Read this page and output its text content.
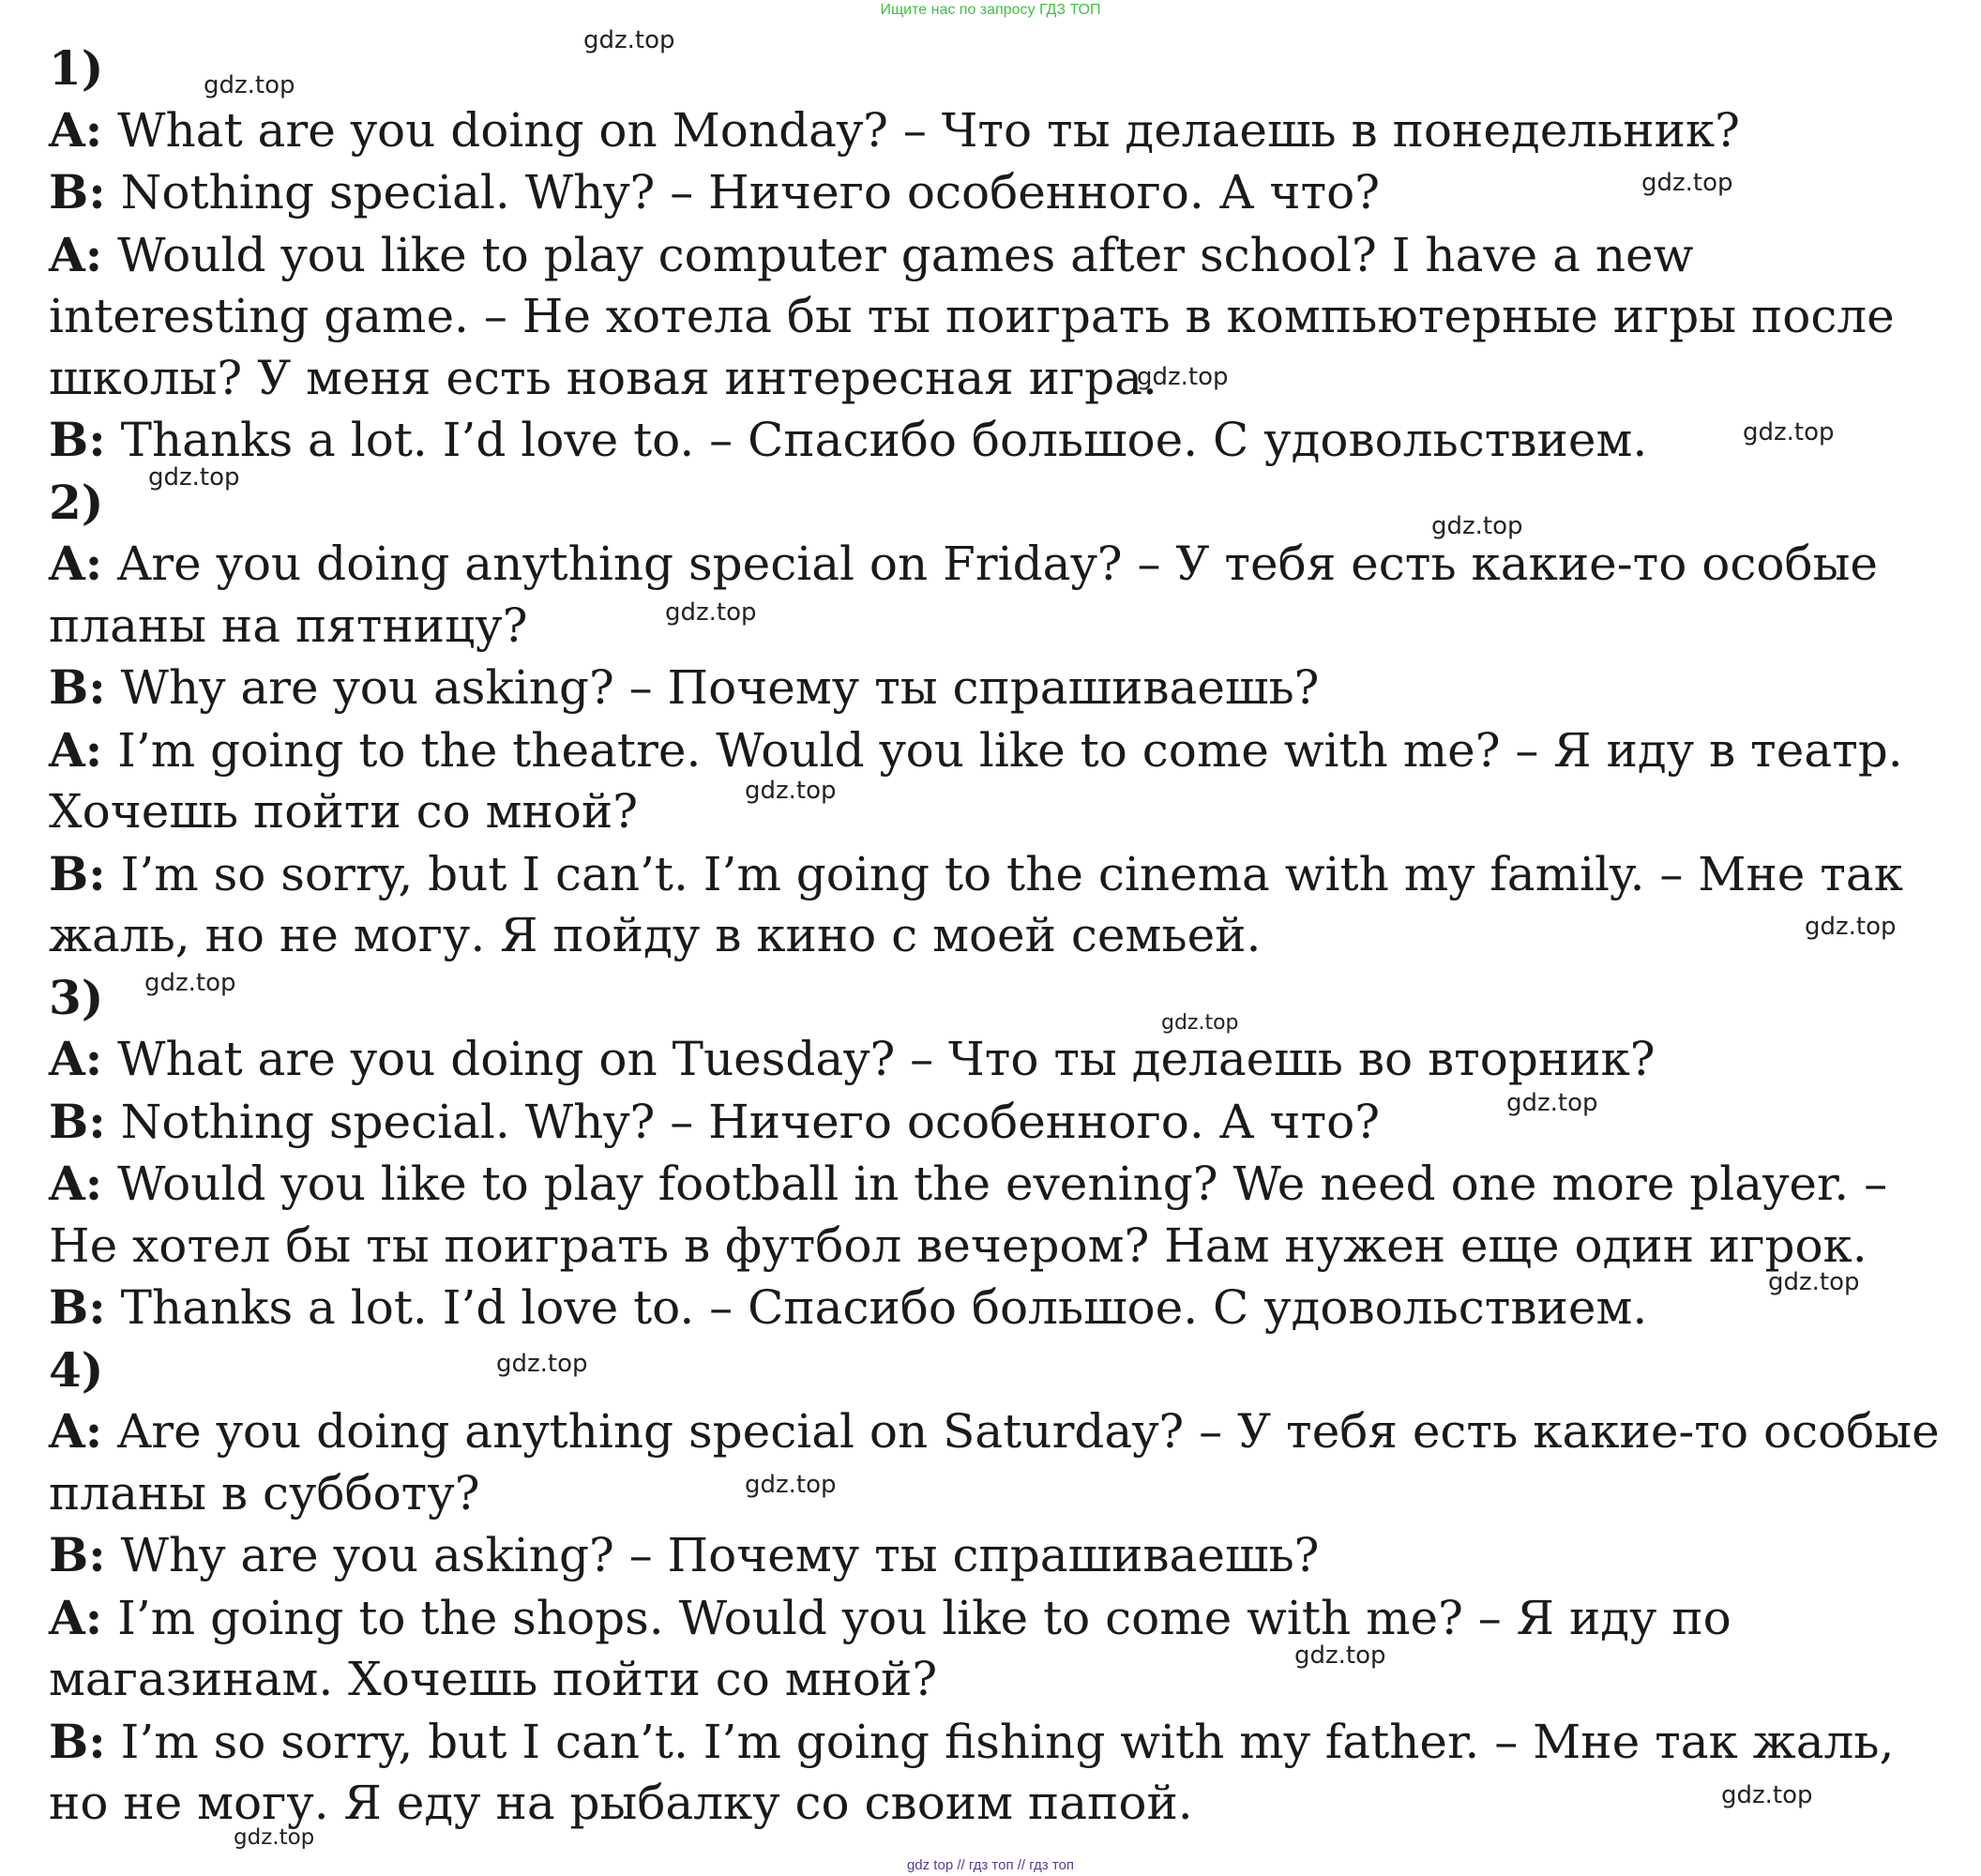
Ищите нас по запросу ГДЗ ТОП
1)

A: What are you doing on Monday? – Что ты делаешь в понедельник?

B: Nothing special. Why? – Ничего особенного. А что?

A: Would you like to play computer games after school? I have a new interesting game. – Не хотела бы ты поиграть в компьютерные игры после школы? У меня есть новая интересная игра.

B: Thanks a lot. I’d love to. – Спасибо большое. С удовольствием.

2)

A: Are you doing anything special on Friday? – У тебя есть какие-то особые планы на пятницу?

B: Why are you asking? – Почему ты спрашиваешь?

A: I’m going to the theatre. Would you like to come with me? – Я иду в театр. Хочешь пойти со мной?

B: I’m so sorry, but I can’t. I’m going to the cinema with my family. – Мне так жаль, но не могу. Я пойду в кино с моей семьей.

3)

A: What are you doing on Tuesday? – Что ты делаешь во вторник?

B: Nothing special. Why? – Ничего особенного. А что?

A: Would you like to play football in the evening? We need one more player. – Не хотел бы ты поиграть в футбол вечером? Нам нужен еще один игрок.

B: Thanks a lot. I’d love to. – Спасибо большое. С удовольствием.

4)

A: Are you doing anything special on Saturday? – У тебя есть какие-то особые планы в субботу?

B: Why are you asking? – Почему ты спрашиваешь?

A: I’m going to the shops. Would you like to come with me? – Я иду по магазинам. Хочешь пойти со мной?

B: I’m so sorry, but I can’t. I’m going fishing with my father. – Мне так жаль, но не могу. Я еду на рыбалку со своим папой.

gdz.top
gdz.top
gdz.top
gdz.top
gdz.top
gdz.top
gdz.top
gdz.top
gdz.top
gdz.top
gdz.top
gdz.top
gdz.top
gdz.top
gdz.top
gdz.top
gdz.top
gdz.top
gdz.top
gdz top // гдз топ // гдз топ
